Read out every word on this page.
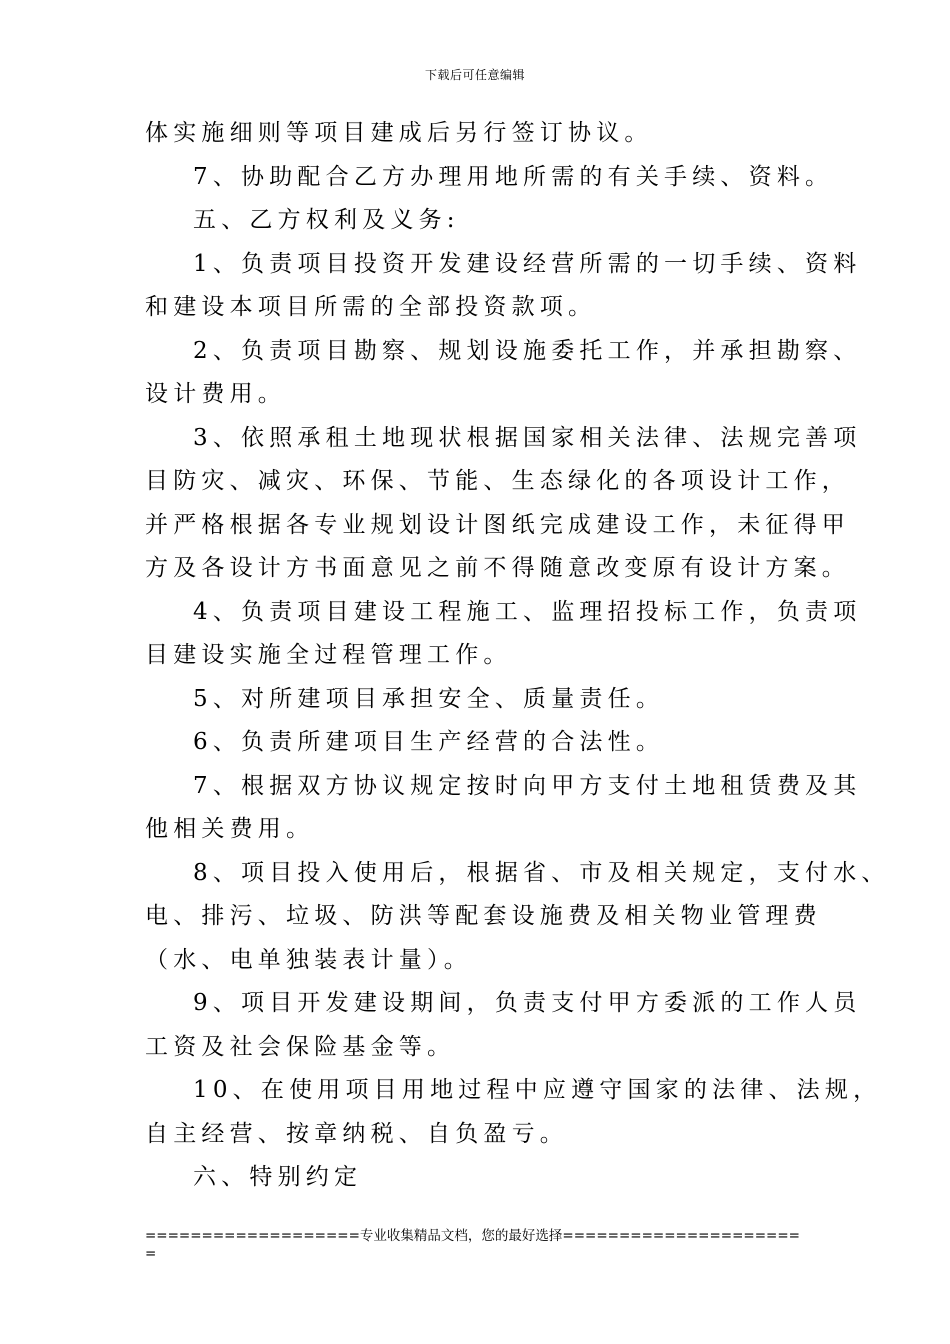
下载后可任意编辑
体实施细则等项目建成后另行签订协议。
7、协助配合乙方办理用地所需的有关手续、资料。
五、乙方权利及义务:
1、负责项目投资开发建设经营所需的一切手续、资料
和建设本项目所需的全部投资款项。
2、负责项目勘察、规划设施委托工作，并承担勘察、
设计费用。
3、依照承租土地现状根据国家相关法律、法规完善项
目防灾、减灾、环保、节能、生态绿化的各项设计工作，
并严格根据各专业规划设计图纸完成建设工作，未征得甲
方及各设计方书面意见之前不得随意改变原有设计方案。
4、负责项目建设工程施工、监理招投标工作，负责项
目建设实施全过程管理工作。
5、对所建项目承担安全、质量责任。
6、负责所建项目生产经营的合法性。
7、根据双方协议规定按时向甲方支付土地租赁费及其
他相关费用。
8、项目投入使用后，根据省、市及相关规定，支付水、
电、排污、垃圾、防洪等配套设施费及相关物业管理费
（水、电单独装表计量）。
9、项目开发建设期间，负责支付甲方委派的工作人员
工资及社会保险基金等。
10、在使用项目用地过程中应遵守国家的法律、法规，
自主经营、按章纳税、自负盈亏。
六、特别约定
===================专业收集精品文档，您的最好选择=====================
=
